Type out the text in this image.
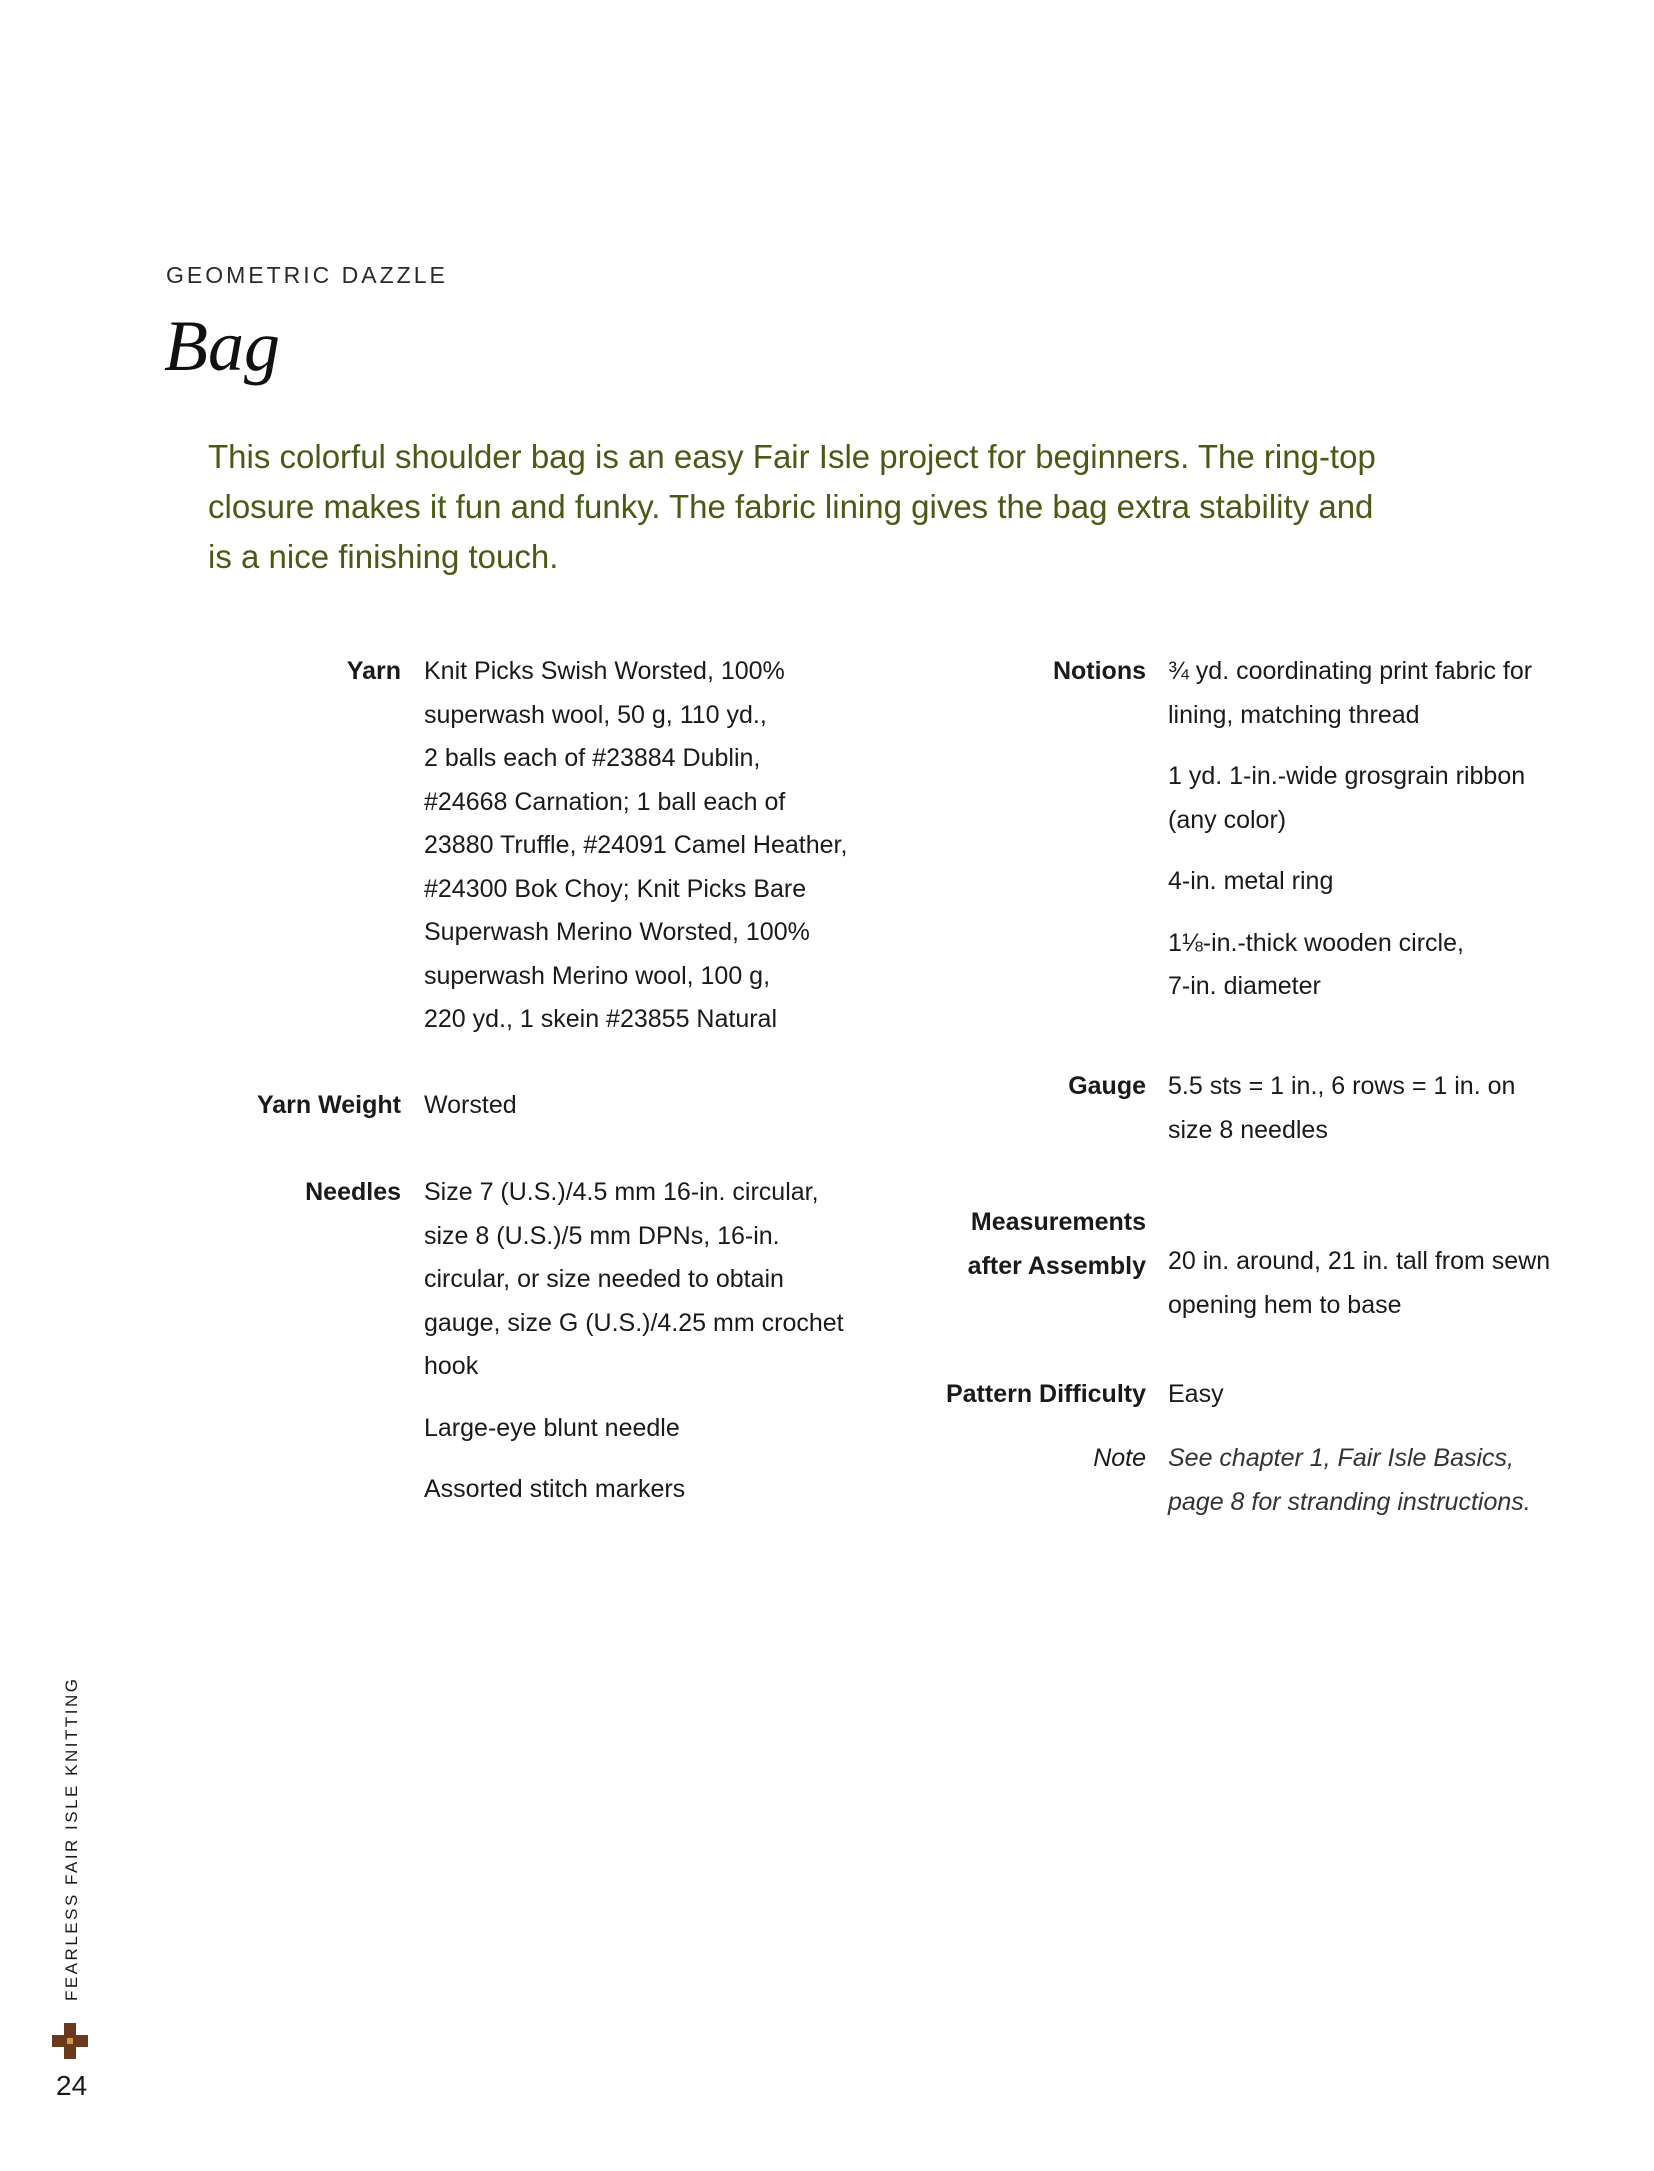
GEOMETRIC DAZZLE
Bag
This colorful shoulder bag is an easy Fair Isle project for beginners. The ring-top
closure makes it fun and funky. The fabric lining gives the bag extra stability and
is a nice finishing touch.
Yarn Knit Picks Swish Worsted, 100%
superwash wool, 50 g, 110 yd.,
2 balls each of #23884 Dublin,
#24668 Carnation; 1 ball each of
23880 Truffle, #24091 Camel Heather,
#24300 Bok Choy; Knit Picks Bare
Superwash Merino Worsted, 100%
superwash Merino wool, 100 g,
220 yd., 1 skein #23855 Natural
Yarn Weight Worsted
Needles Size 7 (U.S.)/4.5 mm 16-in. circular,
size 8 (U.S.)/5 mm DPNs, 16-in.
circular, or size needed to obtain
gauge, size G (U.S.)/4.25 mm crochet
hook
Large-eye blunt needle
Assorted stitch markers
Notions ¾ yd. coordinating print fabric for
lining, matching thread
1 yd. 1-in.-wide grosgrain ribbon
(any color)
4-in. metal ring
1⅛-in.-thick wooden circle,
7-in. diameter
Gauge 5.5 sts = 1 in., 6 rows = 1 in. on
size 8 needles
Measurements
after Assembly 20 in. around, 21 in. tall from sewn
opening hem to base
Pattern Difficulty Easy
Note See chapter 1, Fair Isle Basics,
page 8 for stranding instructions.
FEARLESS FAIR ISLE KNITTING
24
